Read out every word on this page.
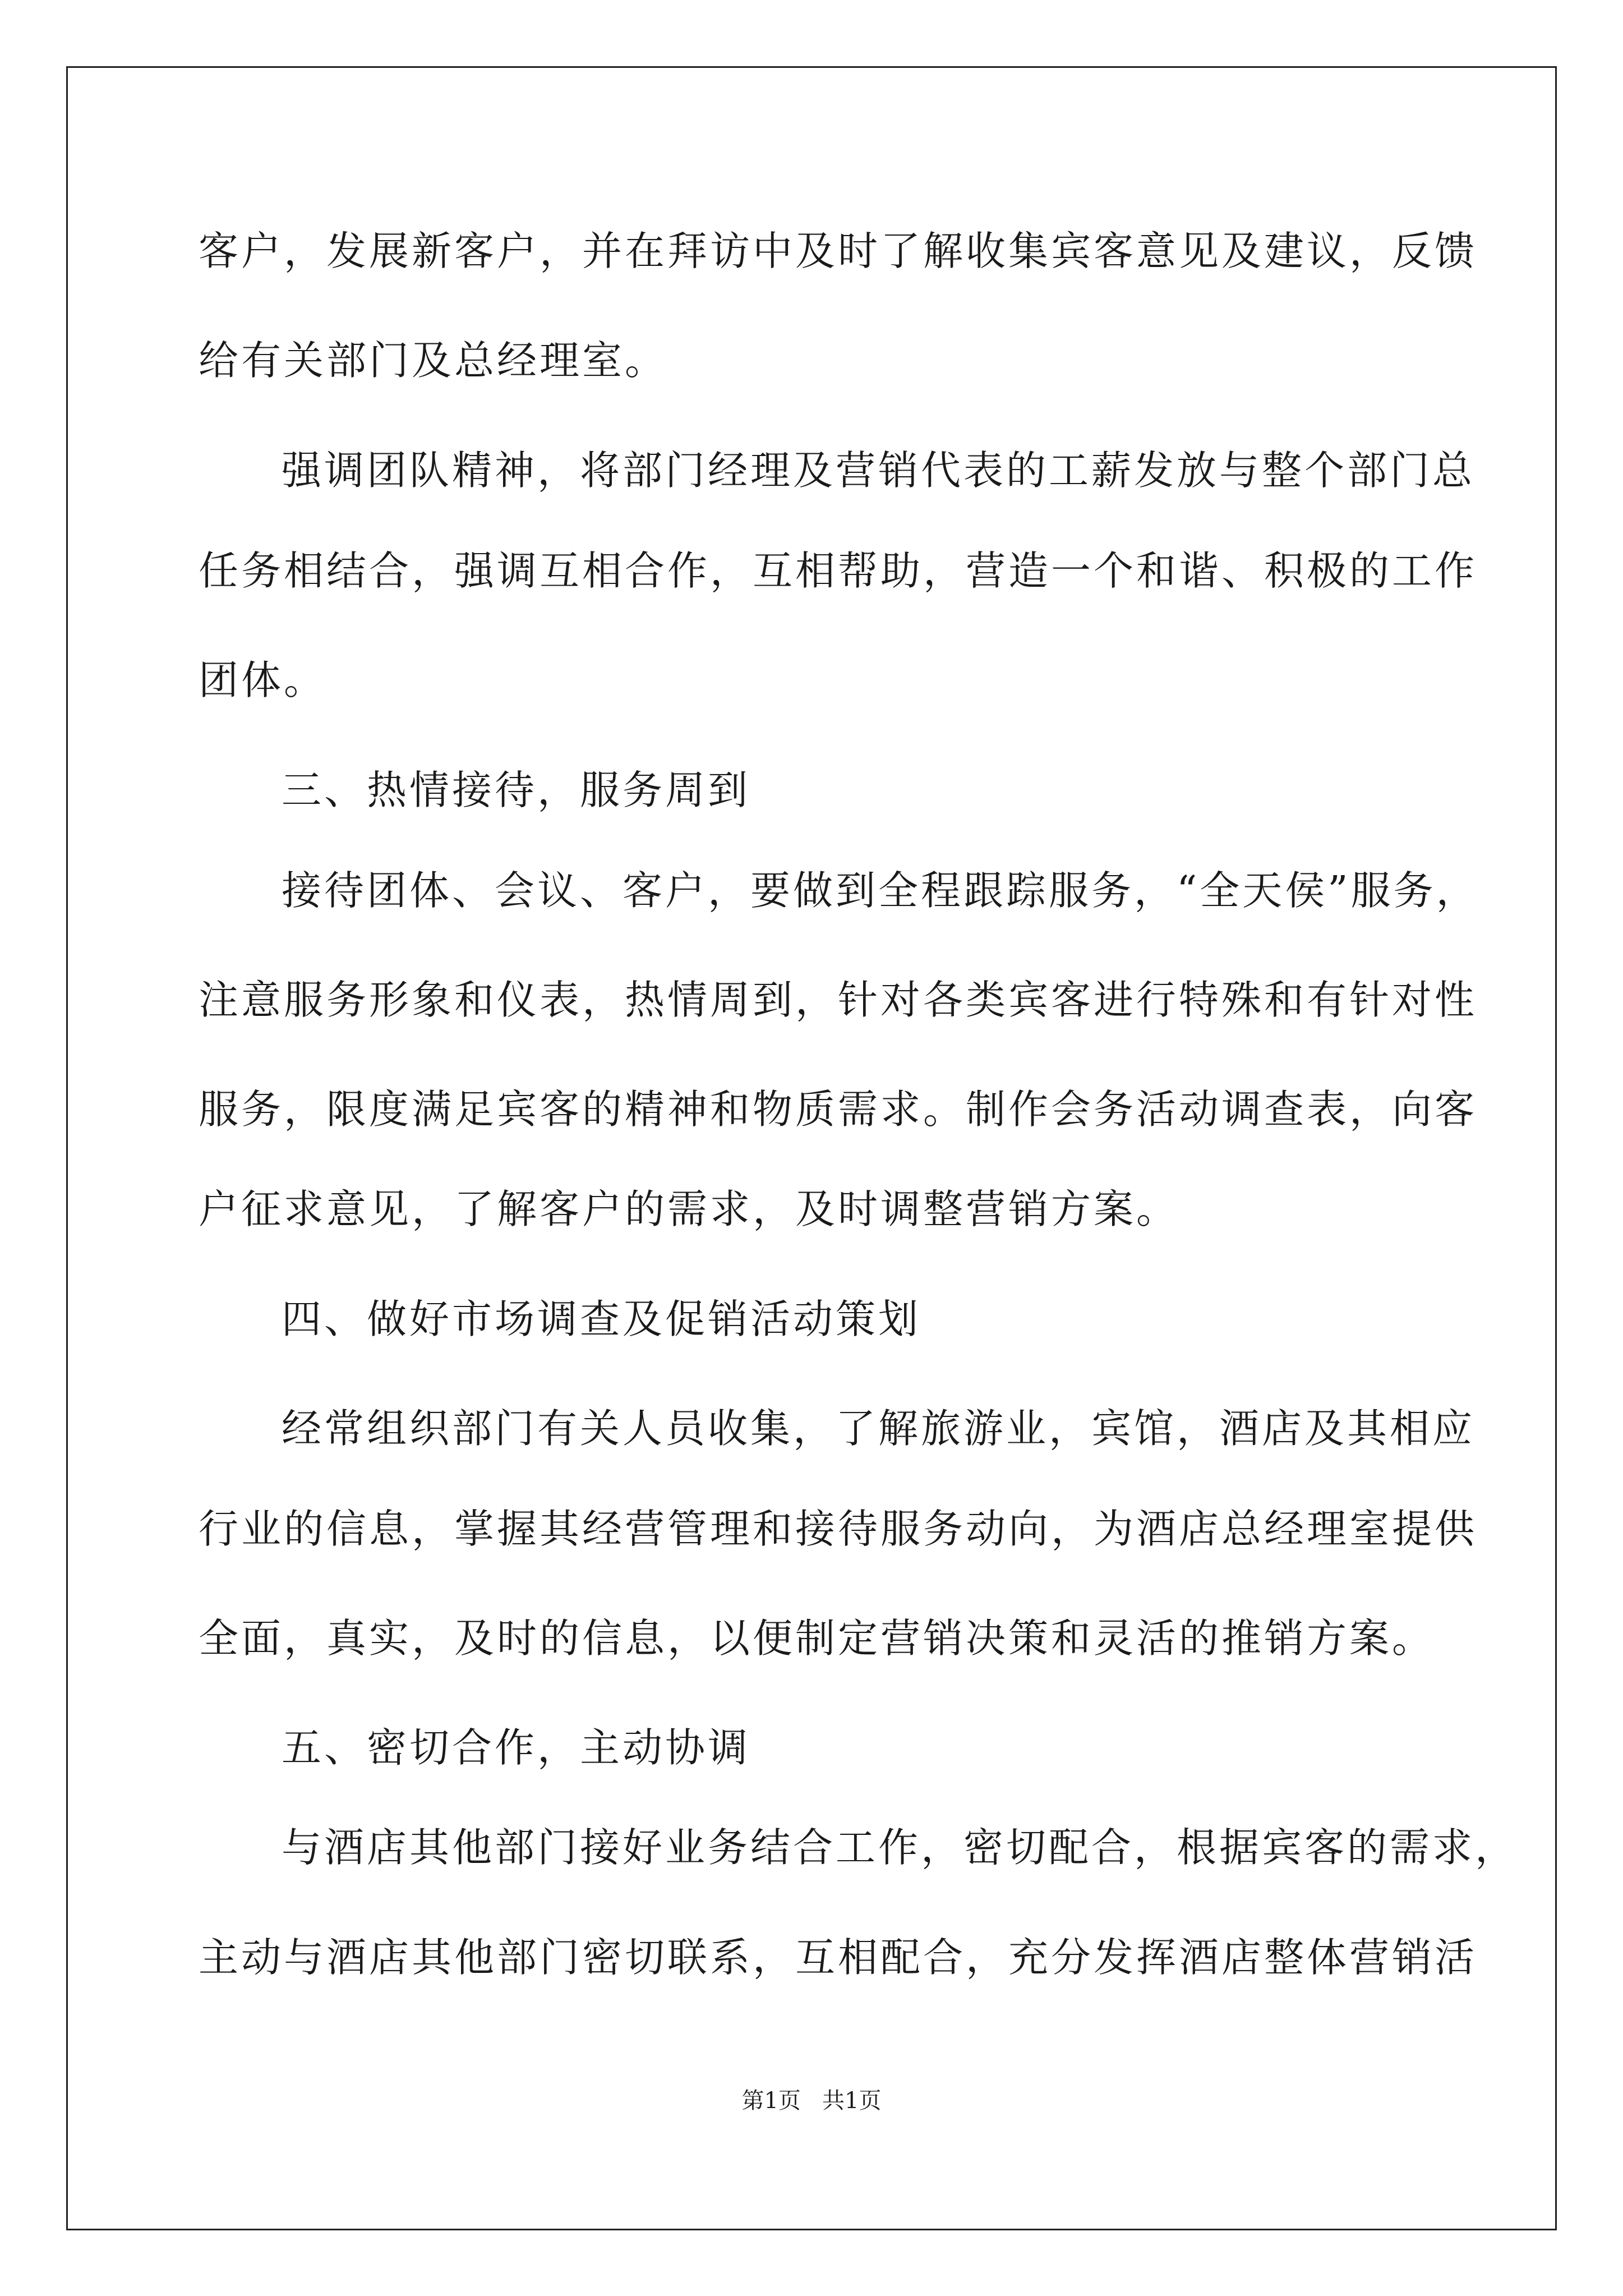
客户，发展新客户，并在拜访中及时了解收集宾客意见及建议，反馈
给有关部门及总经理室。
强调团队精神，将部门经理及营销代表的工薪发放与整个部门总
任务相结合，强调互相合作，互相帮助，营造一个和谐、积极的工作
团体。
三、热情接待，服务周到
接待团体、会议、客户，要做到全程跟踪服务，“全天侯”服务，
注意服务形象和仪表，热情周到，针对各类宾客进行特殊和有针对性
服务，限度满足宾客的精神和物质需求。制作会务活动调查表，向客
户征求意见，了解客户的需求，及时调整营销方案。
四、做好市场调查及促销活动策划
经常组织部门有关人员收集，了解旅游业，宾馆，酒店及其相应
行业的信息，掌握其经营管理和接待服务动向，为酒店总经理室提供
全面，真实，及时的信息，以便制定营销决策和灵活的推销方案。
五、密切合作，主动协调
与酒店其他部门接好业务结合工作，密切配合，根据宾客的需求，
主动与酒店其他部门密切联系，互相配合，充分发挥酒店整体营销活
第1页   共1页
